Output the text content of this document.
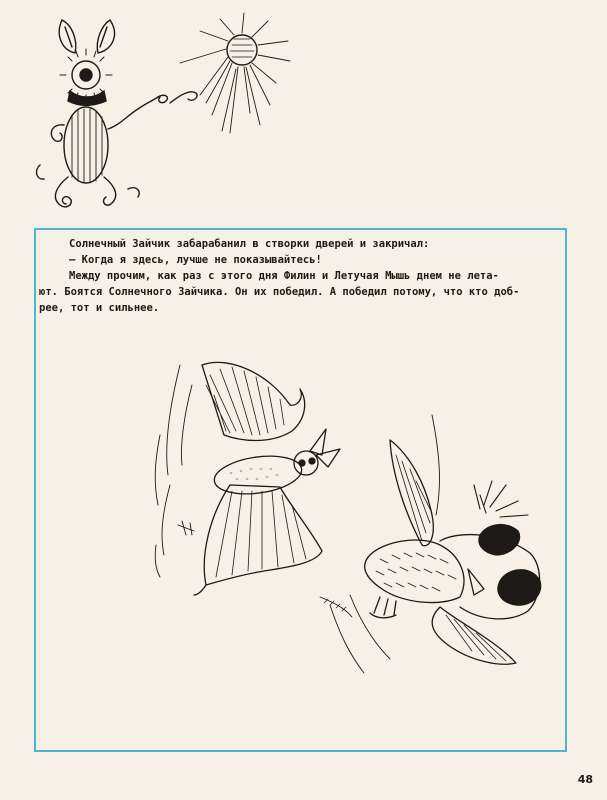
Солнечный Зайчик забарабанил в створки дверей и закричал:

— Когда я здесь, лучше не показывайтесь!

Между прочим, как раз с этого дня Филин и Летучая Мышь днем не летa-

ют. Боятся Солнечного Зайчика. Он их победил. А победил потому, что кто доб-

рее, тот и сильнее.

48
